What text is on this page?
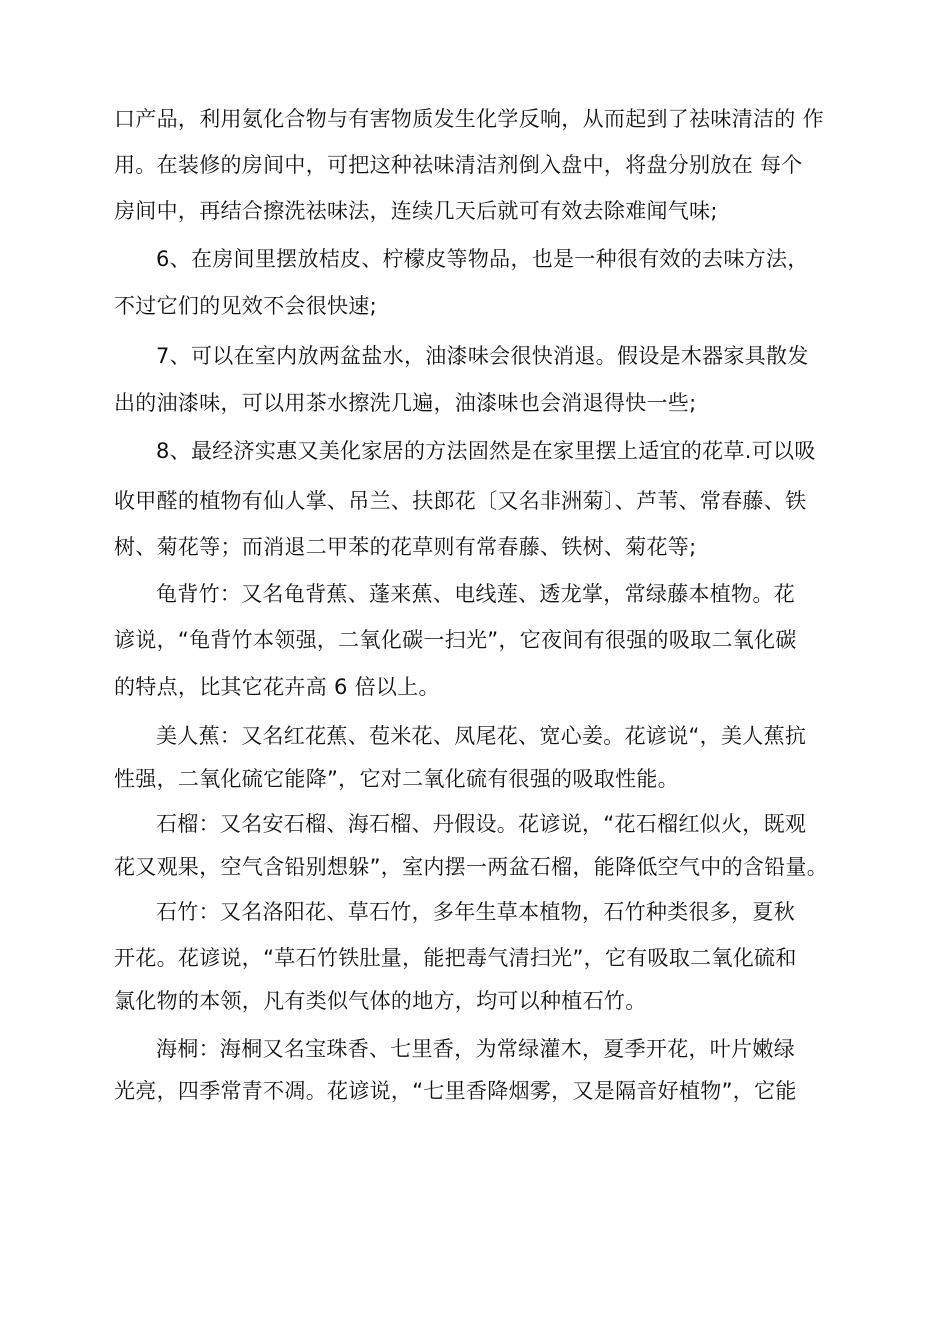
口产品，利用氨化合物与有害物质发生化学反响，从而起到了祛味清洁的 作
用。在装修的房间中，可把这种祛味清洁剂倒入盘中，将盘分别放在 每个
房间中，再结合擦洗祛味法，连续几天后就可有效去除难闻气味;
6、在房间里摆放桔皮、柠檬皮等物品，也是一种很有效的去味方法，
不过它们的见效不会很快速;
7、可以在室内放两盆盐水，油漆味会很快消退。假设是木器家具散发
出的油漆味，可以用茶水擦洗几遍，油漆味也会消退得快一些;
8、最经济实惠又美化家居的方法固然是在家里摆上适宜的花草.可以吸
收甲醛的植物有仙人掌、吊兰、扶郎花〔又名非洲菊〕、芦苇、常春藤、铁
树、菊花等；而消退二甲苯的花草则有常春藤、铁树、菊花等;
龟背竹：又名龟背蕉、蓬来蕉、电线莲、透龙掌，常绿藤本植物。花
谚说，“龟背竹本领强，二氧化碳一扫光”，它夜间有很强的吸取二氧化碳
的特点，比其它花卉高 6 倍以上。
美人蕉：又名红花蕉、苞米花、凤尾花、宽心姜。花谚说“，美人蕉抗
性强，二氧化硫它能降”，它对二氧化硫有很强的吸取性能。
石榴：又名安石榴、海石榴、丹假设。花谚说，“花石榴红似火，既观
花又观果，空气含铅别想躲”，室内摆一两盆石榴，能降低空气中的含铅量。
石竹：又名洛阳花、草石竹，多年生草本植物，石竹种类很多，夏秋
开花。花谚说，“草石竹铁肚量，能把毒气清扫光”，它有吸取二氧化硫和
氯化物的本领，凡有类似气体的地方，均可以种植石竹。
海桐：海桐又名宝珠香、七里香，为常绿灌木，夏季开花，叶片嫩绿
光亮，四季常青不凋。花谚说，“七里香降烟雾，又是隔音好植物”，它能
